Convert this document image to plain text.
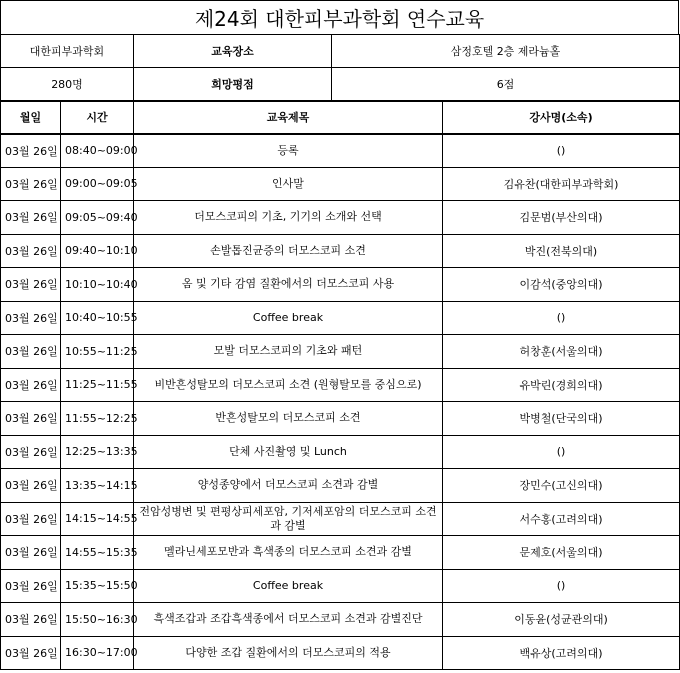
제24회 대한피부과학회 연수교육
대한피부과학회	교육장소	삼정호텔 2층 제라늄홀
280명	희망평점	6점
월일	시간	교육제목	강사명(소속)
03월 26일	08:40~09:00	등록	()
03월 26일	09:00~09:05	인사말	김유찬(대한피부과학회)
03월 26일	09:05~09:40	더모스코피의 기초, 기기의 소개와 선택	김문범(부산의대)
03월 26일	09:40~10:10	손발톱진균증의 더모스코피 소견	박진(전북의대)
03월 26일	10:10~10:40	옴 및 기타 감염 질환에서의 더모스코피 사용	이감석(중앙의대)
03월 26일	10:40~10:55	Coffee break	()
03월 26일	10:55~11:25	모발 더모스코피의 기초와 패턴	허창훈(서울의대)
03월 26일	11:25~11:55	비반흔성탈모의 더모스코피 소견 (원형탈모를 중심으로)	유박린(경희의대)
03월 26일	11:55~12:25	반흔성탈모의 더모스코피 소견	박병철(단국의대)
03월 26일	12:25~13:35	단체 사진촬영 및 Lunch	()
03월 26일	13:35~14:15	양성종양에서 더모스코피 소견과 감별	장민수(고신의대)
03월 26일	14:15~14:55	전암성병변 및 편평상피세포암, 기저세포암의 더모스코피 소견과 감별	서수홍(고려의대)
03월 26일	14:55~15:35	멜라닌세포모반과 흑색종의 더모스코피 소견과 감별	문제호(서울의대)
03월 26일	15:35~15:50	Coffee break	()
03월 26일	15:50~16:30	흑색조갑과 조갑흑색종에서 더모스코피 소견과 감별진단	이동윤(성균관의대)
03월 26일	16:30~17:00	다양한 조갑 질환에서의 더모스코피의 적용	백유상(고려의대)
